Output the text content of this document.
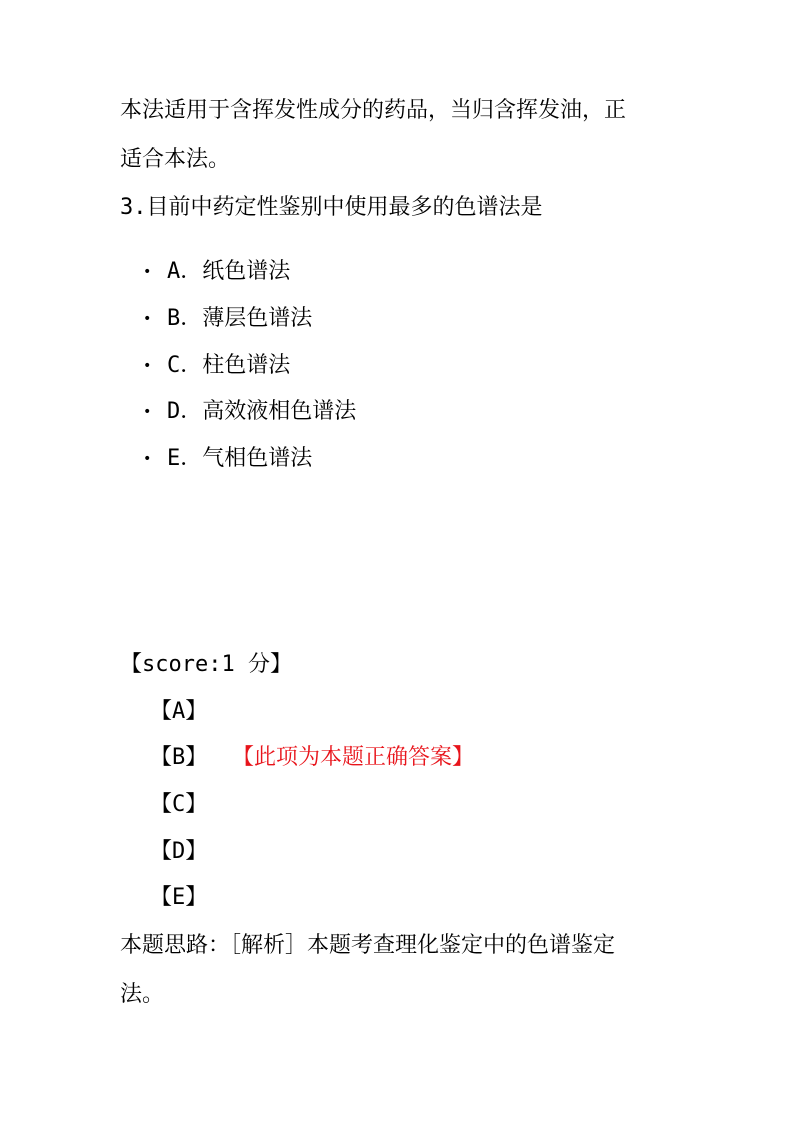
本法适用于含挥发性成分的药品，当归含挥发油，正
适合本法。
3.目前中药定性鉴别中使用最多的色谱法是
• A．纸色谱法
• B．薄层色谱法
• C．柱色谱法
• D．高效液相色谱法
• E．气相色谱法
【score:1 分】
【A】
【B】 【此项为本题正确答案】
【C】
【D】
【E】
本题思路：［解析］本题考查理化鉴定中的色谱鉴定
法。
